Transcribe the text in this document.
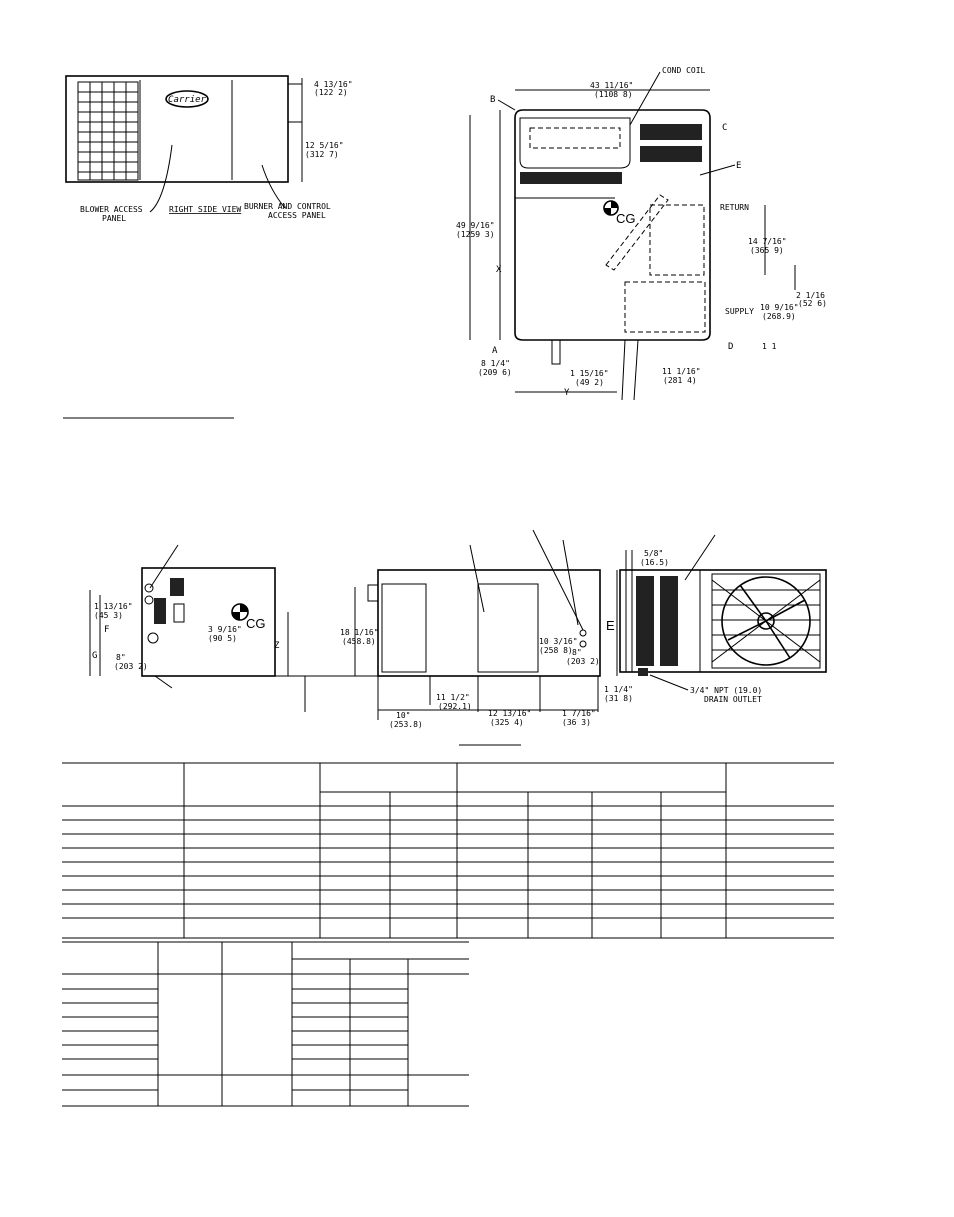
Carrier
4 13/16"
(122 2)
12 5/16"
(312 7)
BLOWER ACCESS
PANEL
RIGHT SIDE VIEW BURNER AND CONTROL
ACCESS PANEL
43 11/16"
(1108 8)
COND COIL
B
C
E
CG
RETURN
14 7/16"
(365 9)
2 1/16
(52 6)
SUPPLY 10 9/16"
(268.9)
49 9/16"
(1259 3)
X
A	D	1 1
8 1/4"
(209 6)	1 15/16"
(49 2)
11 1/16"
(281 4)
Y
CG
1 13/16"
(45 3)
F
G 8"
(203 2)
3 9/16"
(90 5)
Z
18 1/16"
(458.8)	10 3/16"
(258 8) 8"
(203 2)
E
11 1/2"
(292.1)
10"
(253.8)
12 13/16"
(325 4)
1 7/16"
(36 3)
1 1/4"
(31 8)
5/8"
(16.5)
3/4" NPT (19.0)
DRAIN OUTLET
